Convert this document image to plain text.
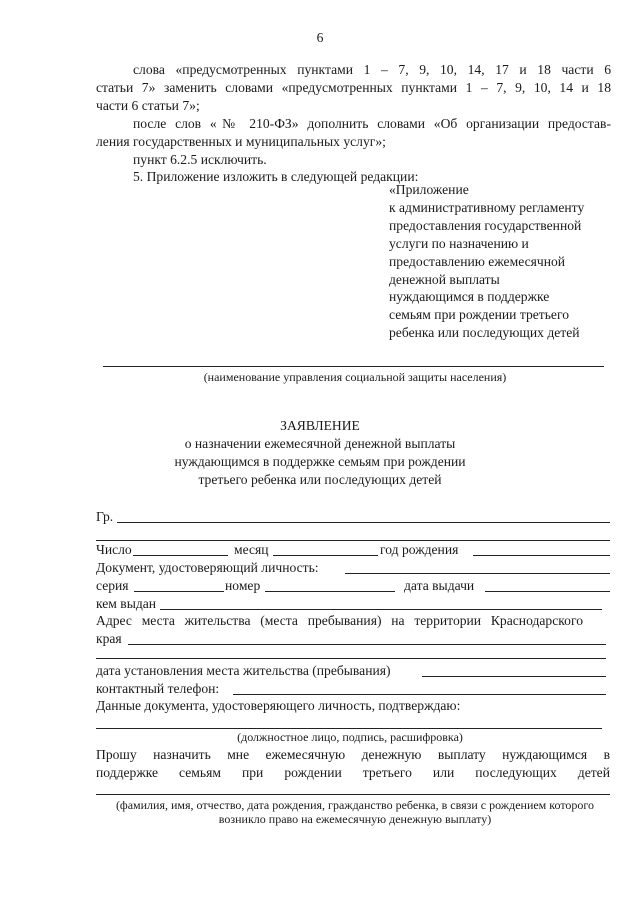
6
слова «предусмотренных пунктами 1 – 7, 9, 10, 14, 17 и 18 части 6
статьи 7» заменить словами «предусмотренных пунктами 1 – 7, 9, 10, 14 и 18
части 6 статьи 7»;
после слов «№ 210-ФЗ» дополнить словами «Об организации предостав-
ления государственных и муниципальных услуг»;
пункт 6.2.5 исключить.
5. Приложение изложить в следующей редакции:
«Приложение
к административному регламенту
предоставления государственной
услуги по назначению и
предоставлению ежемесячной
денежной выплаты
нуждающимся в поддержке
семьям при рождении третьего
ребенка или последующих детей
(наименование управления социальной защиты населения)
ЗАЯВЛЕНИЕ
о назначении ежемесячной денежной выплаты
нуждающимся в поддержке семьям при рождении
третьего ребенка или последующих детей
Гр.
Число	месяц	год рождения
Документ, удостоверяющий личность:
серия	номер	дата выдачи
кем выдан
Адрес места жительства (места пребывания) на территории Краснодарского
края
дата установления места жительства (пребывания)
контактный телефон:
Данные документа, удостоверяющего личность, подтверждаю:
(должностное лицо, подпись, расшифровка)
Прошу назначить мне ежемесячную денежную выплату нуждающимся в
поддержке семьям при рождении третьего или последующих детей
(фамилия, имя, отчество, дата рождения, гражданство ребенка, в связи с рождением которого
возникло право на ежемесячную денежную выплату)
